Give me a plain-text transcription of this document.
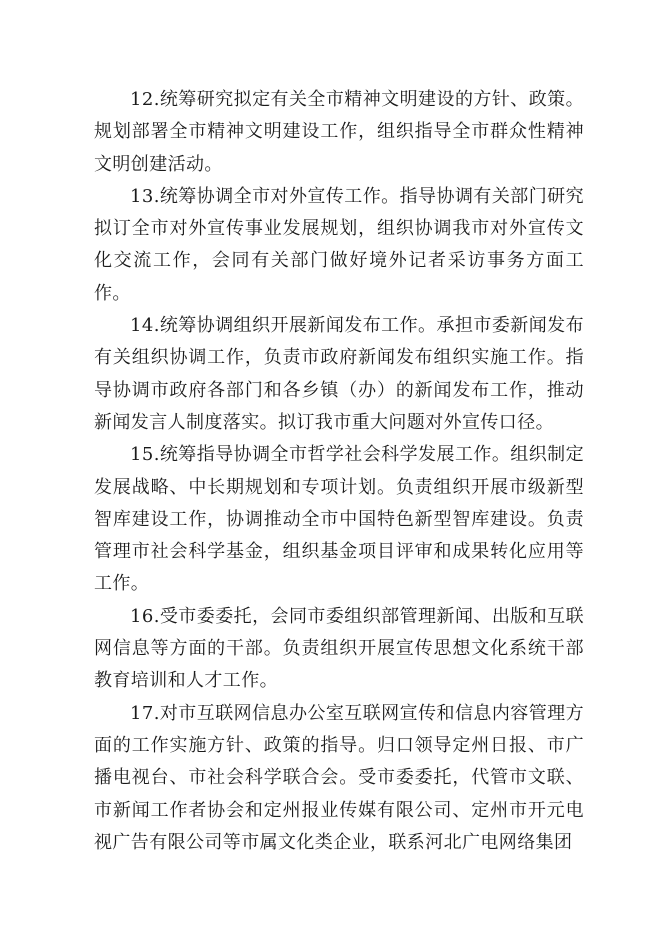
12.统筹研究拟定有关全市精神文明建设的方针、政策。规划部署全市精神文明建设工作，组织指导全市群众性精神文明创建活动。

13.统筹协调全市对外宣传工作。指导协调有关部门研究拟订全市对外宣传事业发展规划，组织协调我市对外宣传文化交流工作，会同有关部门做好境外记者采访事务方面工作。

14.统筹协调组织开展新闻发布工作。承担市委新闻发布有关组织协调工作，负责市政府新闻发布组织实施工作。指导协调市政府各部门和各乡镇（办）的新闻发布工作，推动新闻发言人制度落实。拟订我市重大问题对外宣传口径。

15.统筹指导协调全市哲学社会科学发展工作。组织制定发展战略、中长期规划和专项计划。负责组织开展市级新型智库建设工作，协调推动全市中国特色新型智库建设。负责管理市社会科学基金，组织基金项目评审和成果转化应用等工作。

16.受市委委托，会同市委组织部管理新闻、出版和互联网信息等方面的干部。负责组织开展宣传思想文化系统干部教育培训和人才工作。

17.对市互联网信息办公室互联网宣传和信息内容管理方面的工作实施方针、政策的指导。归口领导定州日报、市广播电视台、市社会科学联合会。受市委委托，代管市文联、市新闻工作者协会和定州报业传媒有限公司、定州市开元电视广告有限公司等市属文化类企业，联系河北广电网络集团
